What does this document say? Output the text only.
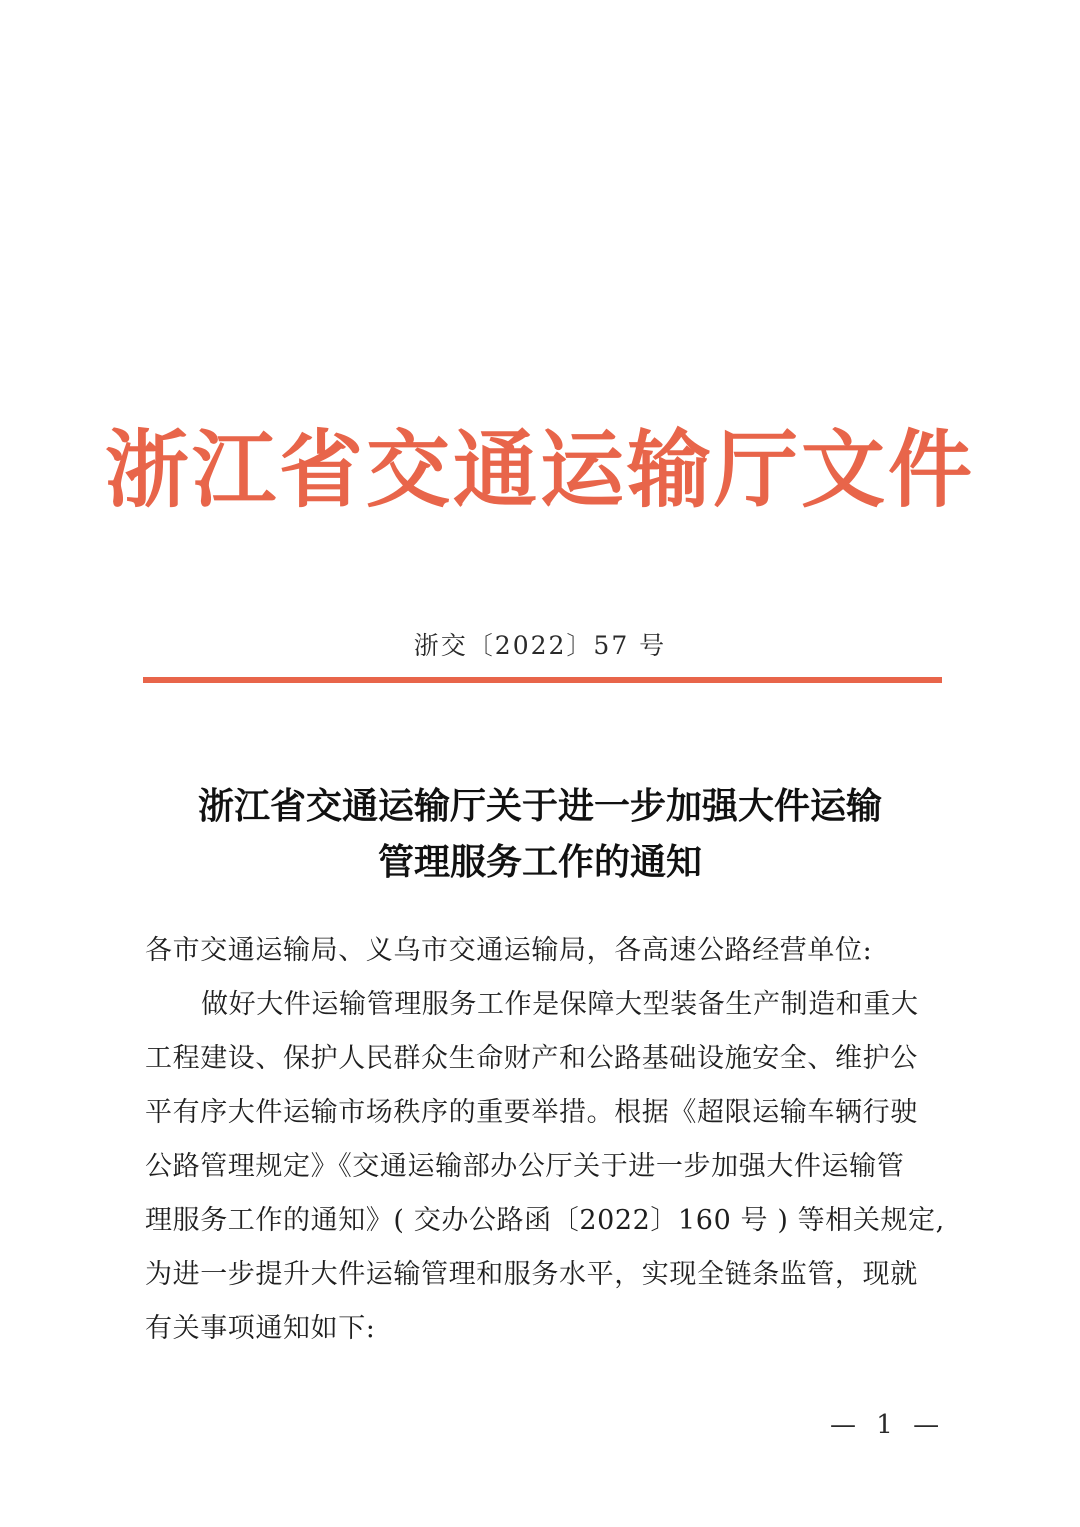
浙江省交通运输厅文件
浙交〔2022〕57 号
浙江省交通运输厅关于进一步加强大件运输
管理服务工作的通知
各市交通运输局、义乌市交通运输局，各高速公路经营单位:
做好大件运输管理服务工作是保障大型装备生产制造和重大
工程建设、保护人民群众生命财产和公路基础设施安全、维护公
平有序大件运输市场秩序的重要举措。根据《超限运输车辆行驶
公路管理规定》《交通运输部办公厅关于进一步加强大件运输管
理服务工作的通知》( 交办公路函〔2022〕160 号 ) 等相关规定,
为进一步提升大件运输管理和服务水平，实现全链条监管，现就
有关事项通知如下:
— 1 —
